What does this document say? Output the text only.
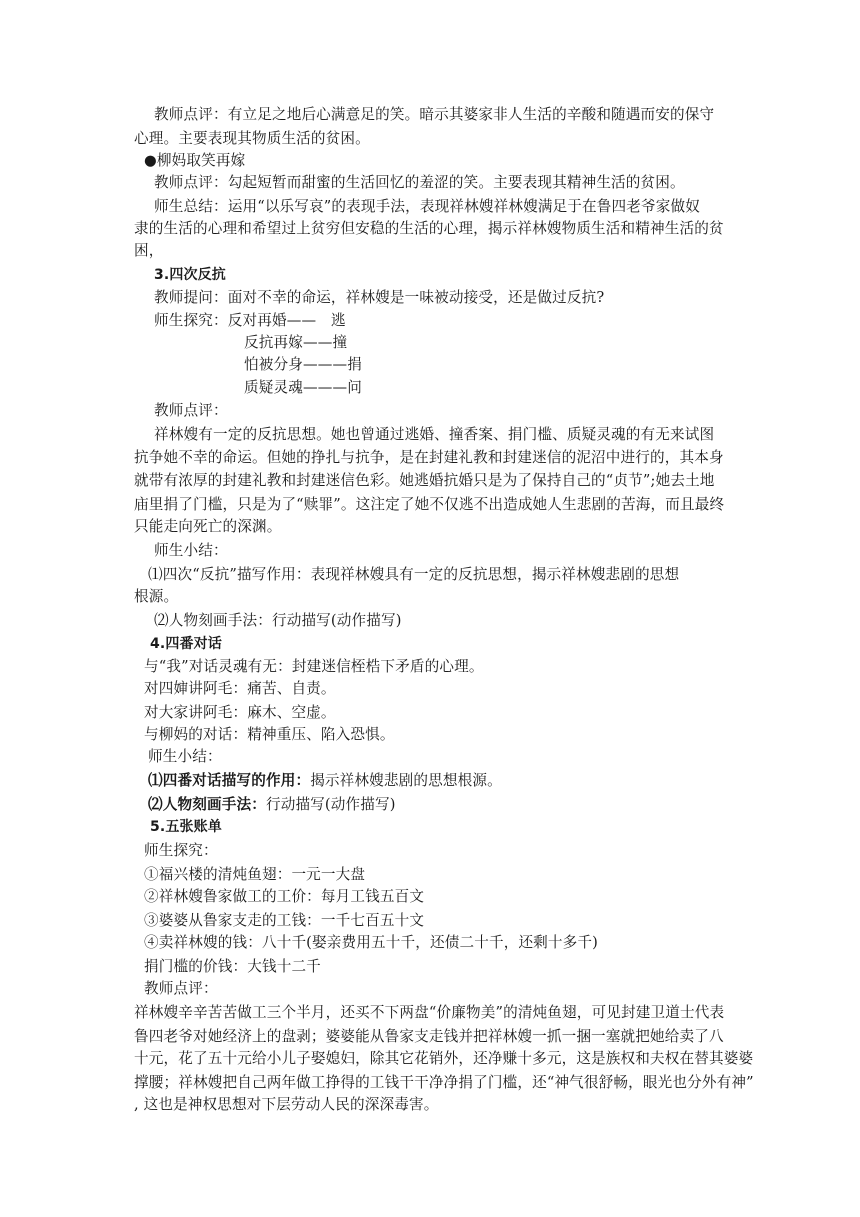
教师点评：有立足之地后心满意足的笑。暗示其婆家非人生活的辛酸和随遇而安的保守
心理。主要表现其物质生活的贫困。
●柳妈取笑再嫁
教师点评：勾起短暂而甜蜜的生活回忆的羞涩的笑。主要表现其精神生活的贫困。
师生总结：运用“以乐写哀”的表现手法，表现祥林嫂祥林嫂满足于在鲁四老爷家做奴
隶的生活的心理和希望过上贫穷但安稳的生活的心理，揭示祥林嫂物质生活和精神生活的贫
困，
3.四次反抗
教师提问：面对不幸的命运，祥林嫂是一味被动接受，还是做过反抗?
师生探究：反对再婚——　逃
反抗再嫁——撞
怕被分身———捐
质疑灵魂———问
教师点评：
祥林嫂有一定的反抗思想。她也曾通过逃婚、撞香案、捐门槛、质疑灵魂的有无来试图
抗争她不幸的命运。但她的挣扎与抗争，是在封建礼教和封建迷信的泥沼中进行的，其本身
就带有浓厚的封建礼教和封建迷信色彩。她逃婚抗婚只是为了保持自己的“贞节”;她去土地
庙里捐了门槛，只是为了“赎罪”。这注定了她不仅逃不出造成她人生悲剧的苦海，而且最终
只能走向死亡的深渊。
师生小结：
⑴四次“反抗”描写作用：表现祥林嫂具有一定的反抗思想，揭示祥林嫂悲剧的思想
根源。
⑵人物刻画手法：行动描写(动作描写)
4.四番对话
与“我”对话灵魂有无：封建迷信桎梏下矛盾的心理。
对四婶讲阿毛：痛苦、自责。
对大家讲阿毛：麻木、空虚。
与柳妈的对话：精神重压、陷入恐惧。
师生小结：
⑴四番对话描写的作用：揭示祥林嫂悲剧的思想根源。
⑵人物刻画手法：行动描写(动作描写)
5.五张账单
师生探究：
①福兴楼的清炖鱼翅：一元一大盘
②祥林嫂鲁家做工的工价：每月工钱五百文
③婆婆从鲁家支走的工钱：一千七百五十文
④卖祥林嫂的钱：八十千(娶亲费用五十千，还债二十千，还剩十多千)
捐门槛的价钱：大钱十二千
教师点评：
祥林嫂辛辛苦苦做工三个半月，还买不下两盘“价廉物美”的清炖鱼翅，可见封建卫道士代表
鲁四老爷对她经济上的盘剥；婆婆能从鲁家支走钱并把祥林嫂一抓一捆一塞就把她给卖了八
十元，花了五十元给小儿子娶媳妇，除其它花销外，还净赚十多元，这是族权和夫权在替其婆婆
撑腰；祥林嫂把自己两年做工挣得的工钱干干净净捐了门槛，还“神气很舒畅，眼光也分外有神”
, 这也是神权思想对下层劳动人民的深深毒害。
